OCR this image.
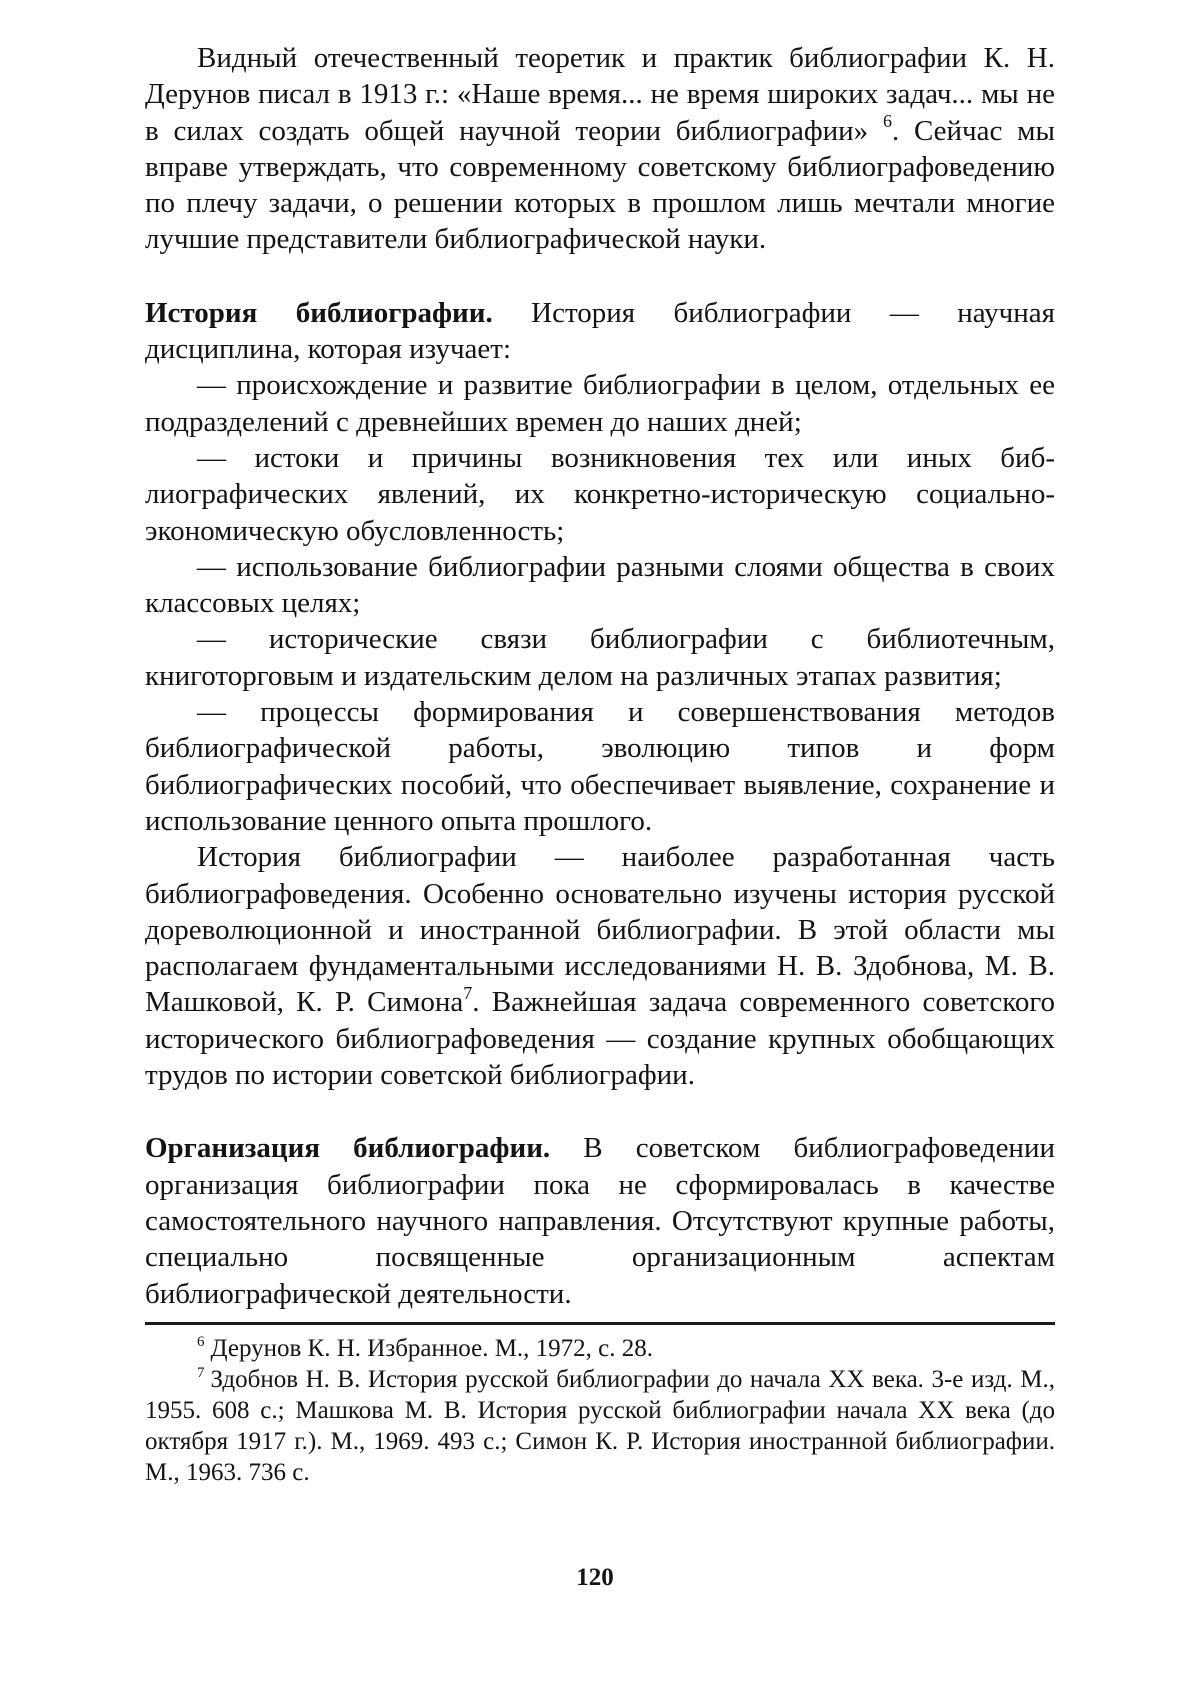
Видный отечественный теоретик и практик библиографии К. Н. Дерунов писал в 1913 г.: «Наше время... не время широких задач... мы не в силах создать общей научной теории библиографии» $^6$. Сейчас мы вправе утверждать, что современному советскому библиографоведению по плечу задачи, о решении которых в прошлом лишь мечтали многие лучшие представители библиографической науки.

История библиографии. История библиографии — научная дисциплина, которая изучает:

— происхождение и развитие библиографии в целом, отдельных ее подразделений с древнейших времен до наших дней;

— истоки и причины возникновения тех или иных библиографических явлений, их конкретно-историческую социально-экономическую обусловленность;

— использование библиографии разными слоями общества в своих классовых целях;

— исторические связи библиографии с библиотечным, книготорговым и издательским делом на различных этапах развития;

— процессы формирования и совершенствования методов библиографической работы, эволюцию типов и форм библиографических пособий, что обеспечивает выявление, сохранение и использование ценного опыта прошлого.

История библиографии — наиболее разработанная часть библиографоведения. Особенно основательно изучены история русской дореволюционной и иностранной библиографии. В этой области мы располагаем фундаментальными исследованиями Н. В. Здобнова, М. В. Машковой, К. Р. Симона$^7$. Важнейшая задача современного советского исторического библиографоведения — создание крупных обобщающих трудов по истории советской библиографии.

Организация библиографии. В советском библиографоведении организация библиографии пока не сформировалась в качестве самостоятельного научного направления. Отсутствуют крупные работы, специально посвященные организационным аспектам библиографической деятельности.

$^6$ Дерунов К. Н. Избранное. М., 1972, с. 28.

$^7$ Здобнов Н. В. История русской библиографии до начала XX века. 3-е изд. М., 1955. 608 с.; Машкова М. В. История русской библиографии начала XX века (до октября 1917 г.). М., 1969. 493 с.; Симон К. Р. История иностранной библиографии. М., 1963. 736 с.

120
